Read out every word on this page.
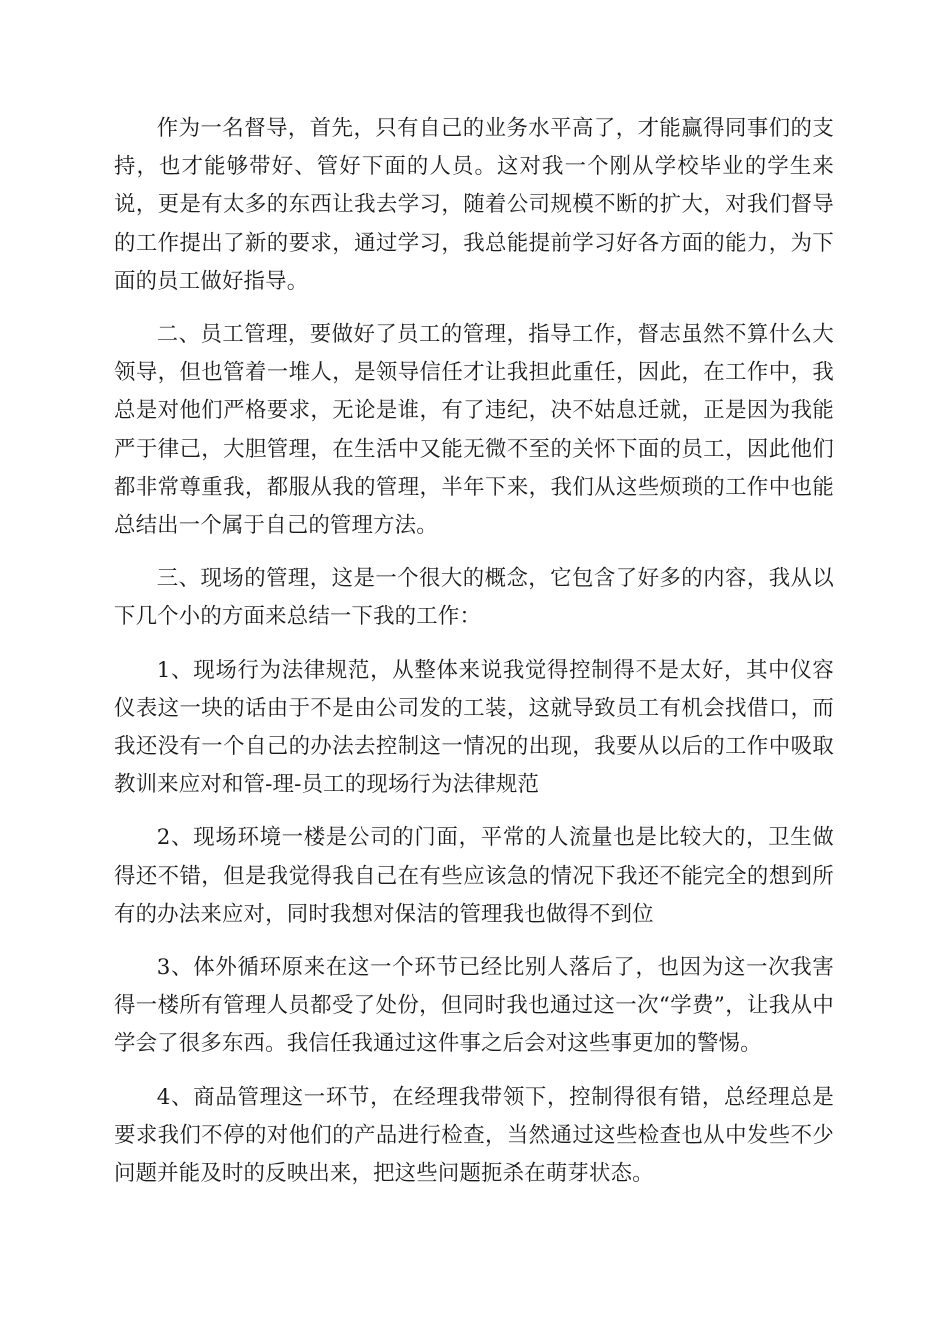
作为一名督导，首先，只有自己的业务水平高了，才能赢得同事们的支持，也才能够带好、管好下面的人员。这对我一个刚从学校毕业的学生来说，更是有太多的东西让我去学习，随着公司规模不断的扩大，对我们督导的工作提出了新的要求，通过学习，我总能提前学习好各方面的能力，为下面的员工做好指导。

二、员工管理，要做好了员工的管理，指导工作，督志虽然不算什么大领导，但也管着一堆人，是领导信任才让我担此重任，因此，在工作中，我总是对他们严格要求，无论是谁，有了违纪，决不姑息迁就，正是因为我能严于律己，大胆管理，在生活中又能无微不至的关怀下面的员工，因此他们都非常尊重我，都服从我的管理，半年下来，我们从这些烦琐的工作中也能总结出一个属于自己的管理方法。

三、现场的管理，这是一个很大的概念，它包含了好多的内容，我从以下几个小的方面来总结一下我的工作：

1、现场行为法律规范，从整体来说我觉得控制得不是太好，其中仪容仪表这一块的话由于不是由公司发的工装，这就导致员工有机会找借口，而我还没有一个自己的办法去控制这一情况的出现，我要从以后的工作中吸取教训来应对和管-理-员工的现场行为法律规范

2、现场环境一楼是公司的门面，平常的人流量也是比较大的，卫生做得还不错，但是我觉得我自己在有些应该急的情况下我还不能完全的想到所有的办法来应对，同时我想对保洁的管理我也做得不到位

3、体外循环原来在这一个环节已经比别人落后了，也因为这一次我害得一楼所有管理人员都受了处份，但同时我也通过这一次“学费”，让我从中学会了很多东西。我信任我通过这件事之后会对这些事更加的警惕。

4、商品管理这一环节，在经理我带领下，控制得很有错，总经理总是要求我们不停的对他们的产品进行检查，当然通过这些检查也从中发些不少问题并能及时的反映出来，把这些问题扼杀在萌芽状态。
